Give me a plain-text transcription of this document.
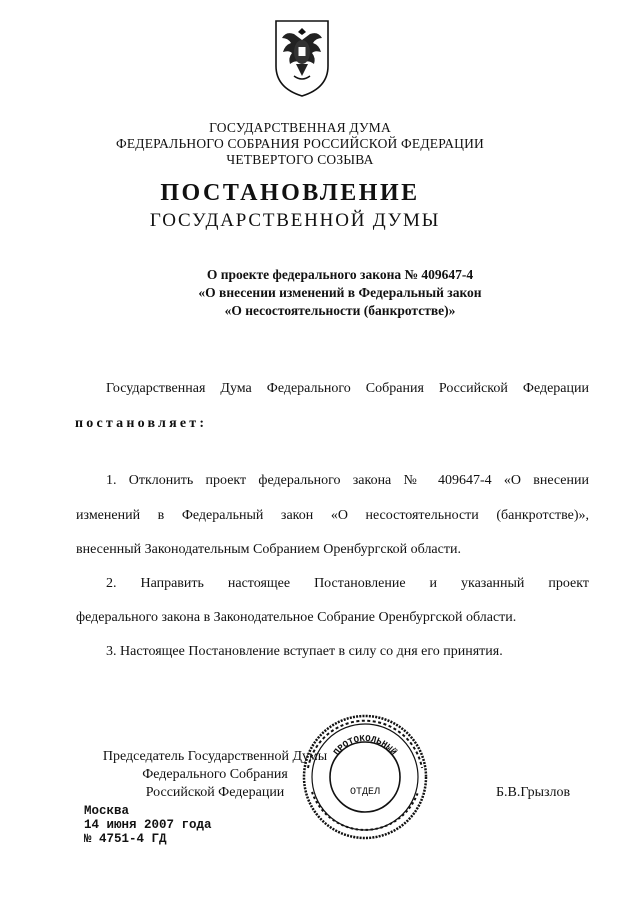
ГОСУДАРСТВЕННАЯ ДУМА
ФЕДЕРАЛЬНОГО СОБРАНИЯ РОССИЙСКОЙ ФЕДЕРАЦИИ
ЧЕТВЕРТОГО СОЗЫВА
ПОСТАНОВЛЕНИЕ
ГОСУДАРСТВЕННОЙ ДУМЫ
О проекте федерального закона № 409647-4
«О внесении изменений в Федеральный закон
«О несостоятельности (банкротстве)»
Государственная Дума Федерального Собрания Российской Федерации
постановляет:
1. Отклонить проект федерального закона № 409647-4 «О внесении
изменений в Федеральный закон «О несостоятельности (банкротстве)»,
внесенный Законодательным Собранием Оренбургской области.
2. Направить настоящее Постановление и указанный проект
федерального закона в Законодательное Собрание Оренбургской области.
3. Настоящее Постановление вступает в силу со дня его принятия.
Председатель Государственной Думы
Федерального Собрания
Российской Федерации	Б.В.Грызлов
ПРОТОКОЛЬНЫЙ
ОТДЕЛ
Москва
14 июня 2007 года
№ 4751-4 ГД
